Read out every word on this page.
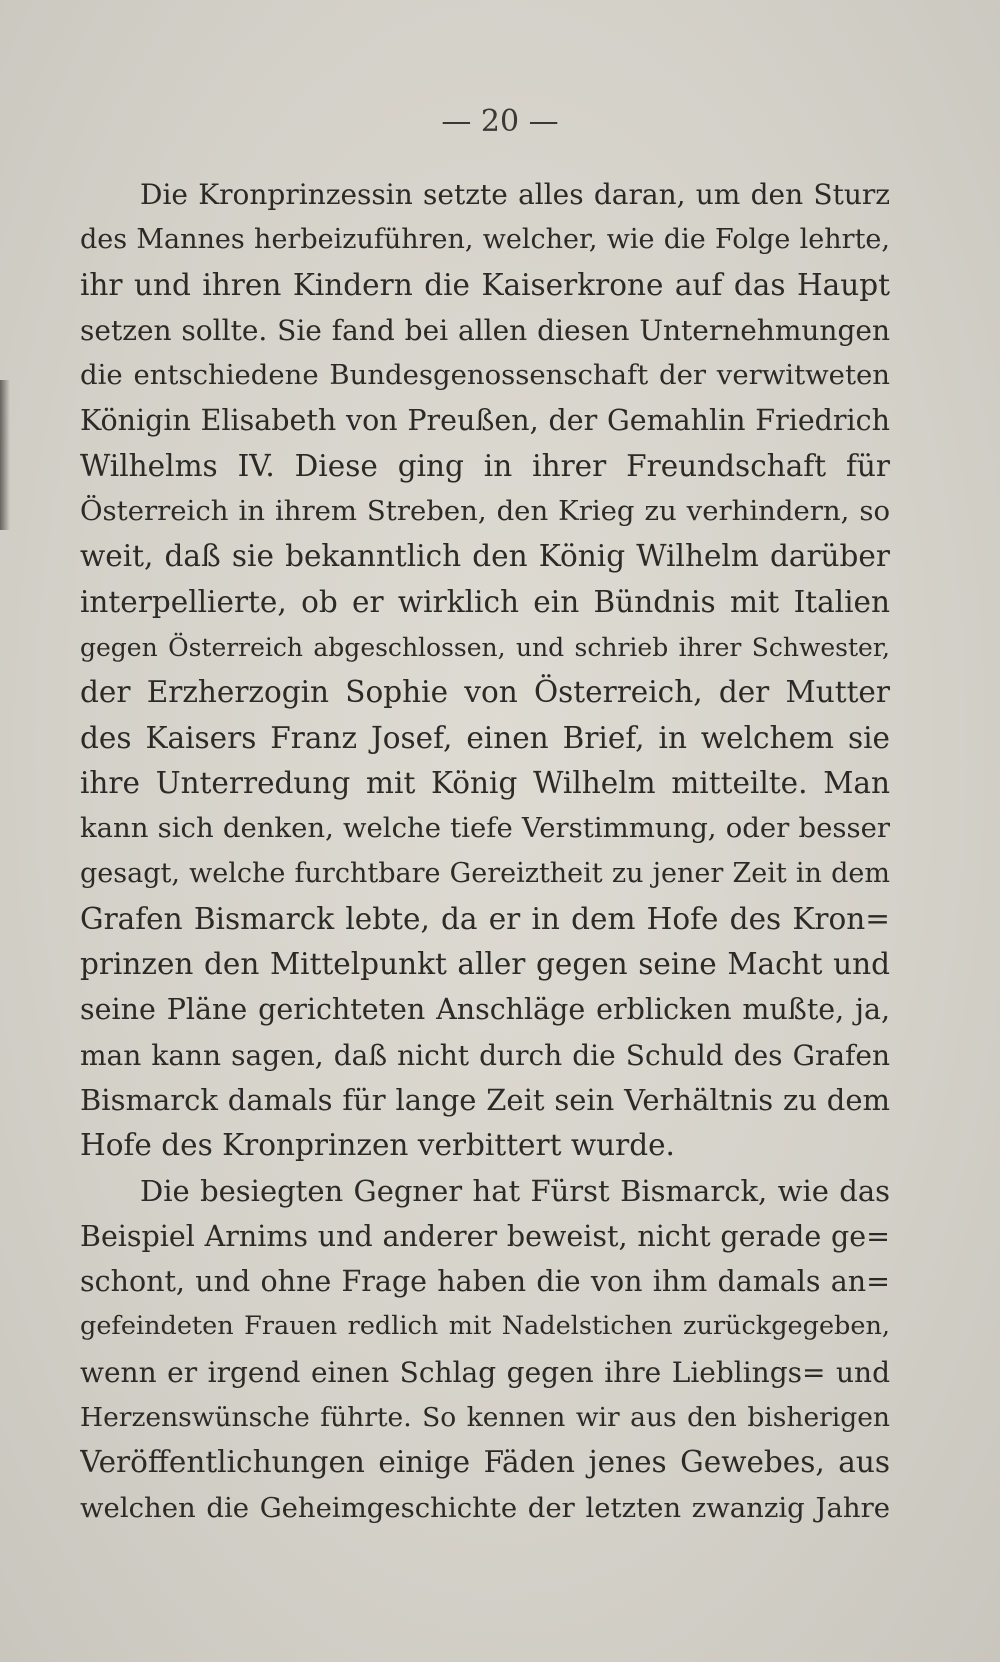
— 20 —
Die Kronprinzessin setzte alles daran, um den Sturz
des Mannes herbeizuführen, welcher, wie die Folge lehrte,
ihr und ihren Kindern die Kaiserkrone auf das Haupt
setzen sollte. Sie fand bei allen diesen Unternehmungen
die entschiedene Bundesgenossenschaft der verwitweten
Königin Elisabeth von Preußen, der Gemahlin Friedrich
Wilhelms IV. Diese ging in ihrer Freundschaft für
Österreich in ihrem Streben, den Krieg zu verhindern, so
weit, daß sie bekanntlich den König Wilhelm darüber
interpellierte, ob er wirklich ein Bündnis mit Italien
gegen Österreich abgeschlossen, und schrieb ihrer Schwester,
der Erzherzogin Sophie von Österreich, der Mutter
des Kaisers Franz Josef, einen Brief, in welchem sie
ihre Unterredung mit König Wilhelm mitteilte. Man
kann sich denken, welche tiefe Verstimmung, oder besser
gesagt, welche furchtbare Gereiztheit zu jener Zeit in dem
Grafen Bismarck lebte, da er in dem Hofe des Kron=
prinzen den Mittelpunkt aller gegen seine Macht und
seine Pläne gerichteten Anschläge erblicken mußte, ja,
man kann sagen, daß nicht durch die Schuld des Grafen
Bismarck damals für lange Zeit sein Verhältnis zu dem
Hofe des Kronprinzen verbittert wurde.
Die besiegten Gegner hat Fürst Bismarck, wie das
Beispiel Arnims und anderer beweist, nicht gerade ge=
schont, und ohne Frage haben die von ihm damals an=
gefeindeten Frauen redlich mit Nadelstichen zurückgegeben,
wenn er irgend einen Schlag gegen ihre Lieblings= und
Herzenswünsche führte. So kennen wir aus den bisherigen
Veröffentlichungen einige Fäden jenes Gewebes, aus
welchen die Geheimgeschichte der letzten zwanzig Jahre
